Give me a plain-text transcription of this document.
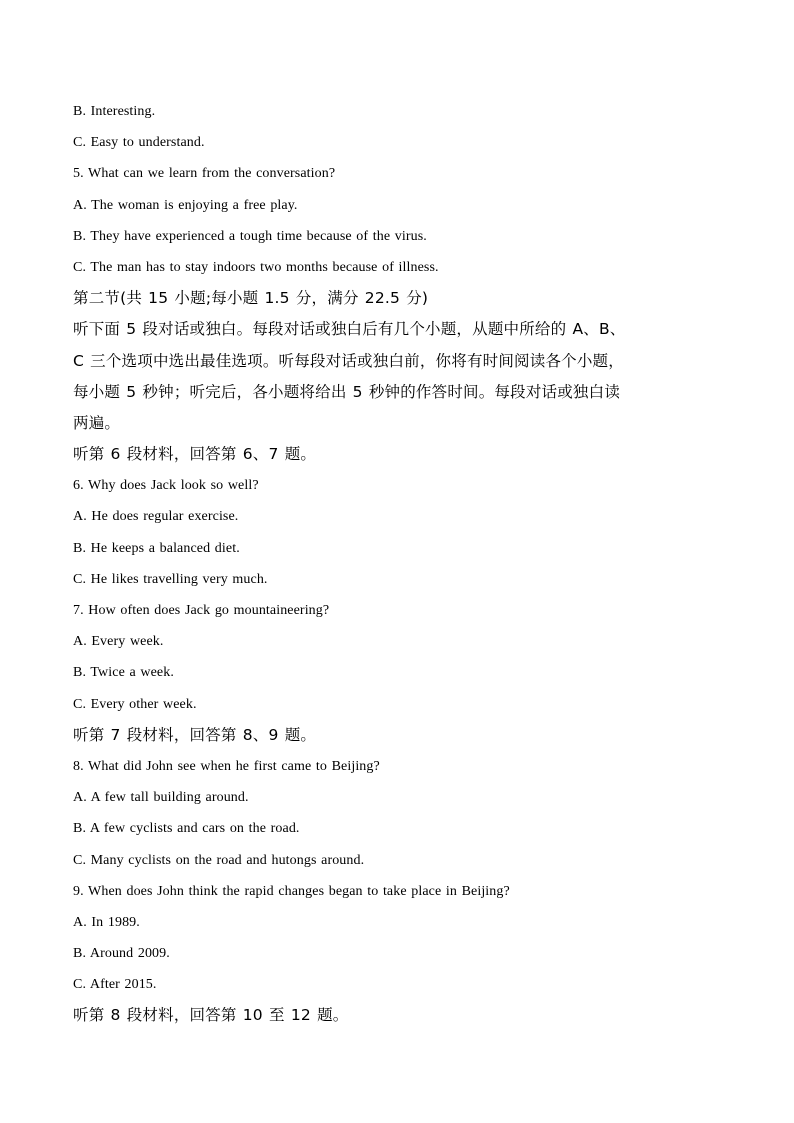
B. Interesting.
C. Easy to understand.
5. What can we learn from the conversation?
A. The woman is enjoying a free play.
B. They have experienced a tough time because of the virus.
C. The man has to stay indoors two months because of illness.
第二节(共 15 小题;每小题 1.5 分，满分 22.5 分)
听下面 5 段对话或独白。每段对话或独白后有几个小题，从题中所给的 A、B、
C 三个选项中选出最佳选项。听每段对话或独白前，你将有时间阅读各个小题，
每小题 5 秒钟；听完后，各小题将给出 5 秒钟的作答时间。每段对话或独白读
两遍。
听第 6 段材料，回答第 6、7 题。
6. Why does Jack look so well?
A. He does regular exercise.
B. He keeps a balanced diet.
C. He likes travelling very much.
7. How often does Jack go mountaineering?
A. Every week.
B. Twice a week.
C. Every other week.
听第 7 段材料，回答第 8、9 题。
8. What did John see when he first came to Beijing?
A. A few tall building around.
B. A few cyclists and cars on the road.
C. Many cyclists on the road and hutongs around.
9. When does John think the rapid changes began to take place in Beijing?
A. In 1989.
B. Around 2009.
C. After 2015.
听第 8 段材料，回答第 10 至 12 题。
